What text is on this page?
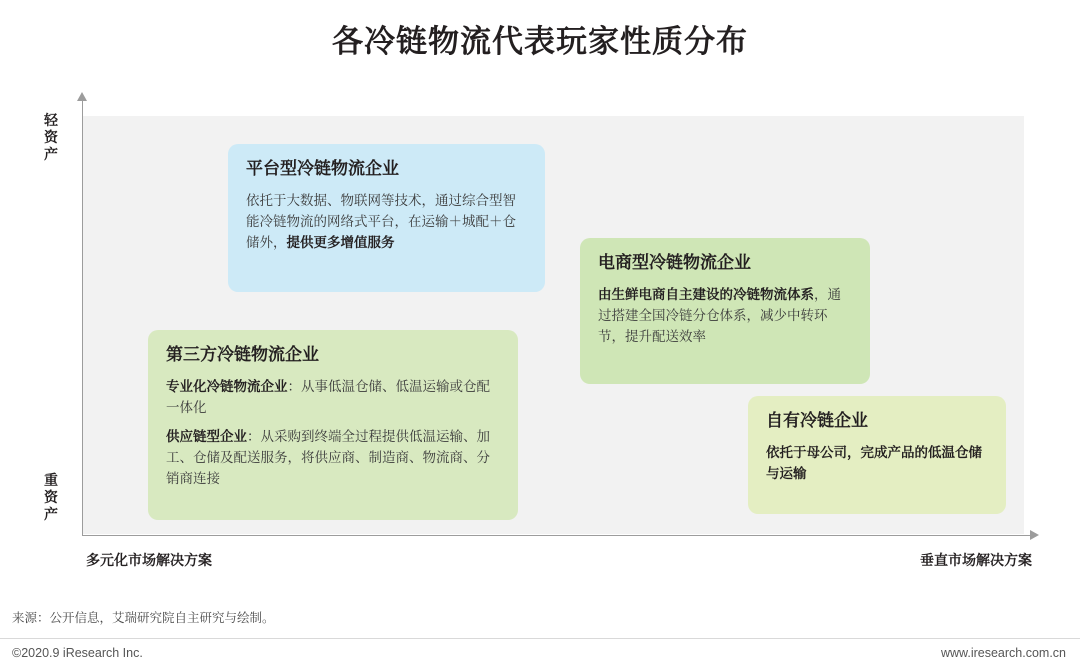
各冷链物流代表玩家性质分布
轻资产
重资产
多元化市场解决方案	垂直市场解决方案
平台型冷链物流企业
依托于大数据、物联网等技术，通过综合型智能冷链物流的网络式平台，在运输＋城配＋仓储外，提供更多增值服务
电商型冷链物流企业
由生鲜电商自主建设的冷链物流体系，通过搭建全国冷链分仓体系，减少中转环节，提升配送效率
第三方冷链物流企业
专业化冷链物流企业：从事低温仓储、低温运输或仓配一体化
供应链型企业：从采购到终端全过程提供低温运输、加工、仓储及配送服务，将供应商、制造商、物流商、分销商连接
自有冷链企业
依托于母公司，完成产品的低温仓储与运输
来源：公开信息，艾瑞研究院自主研究与绘制。
©2020.9 iResearch Inc.	www.iresearch.com.cn
